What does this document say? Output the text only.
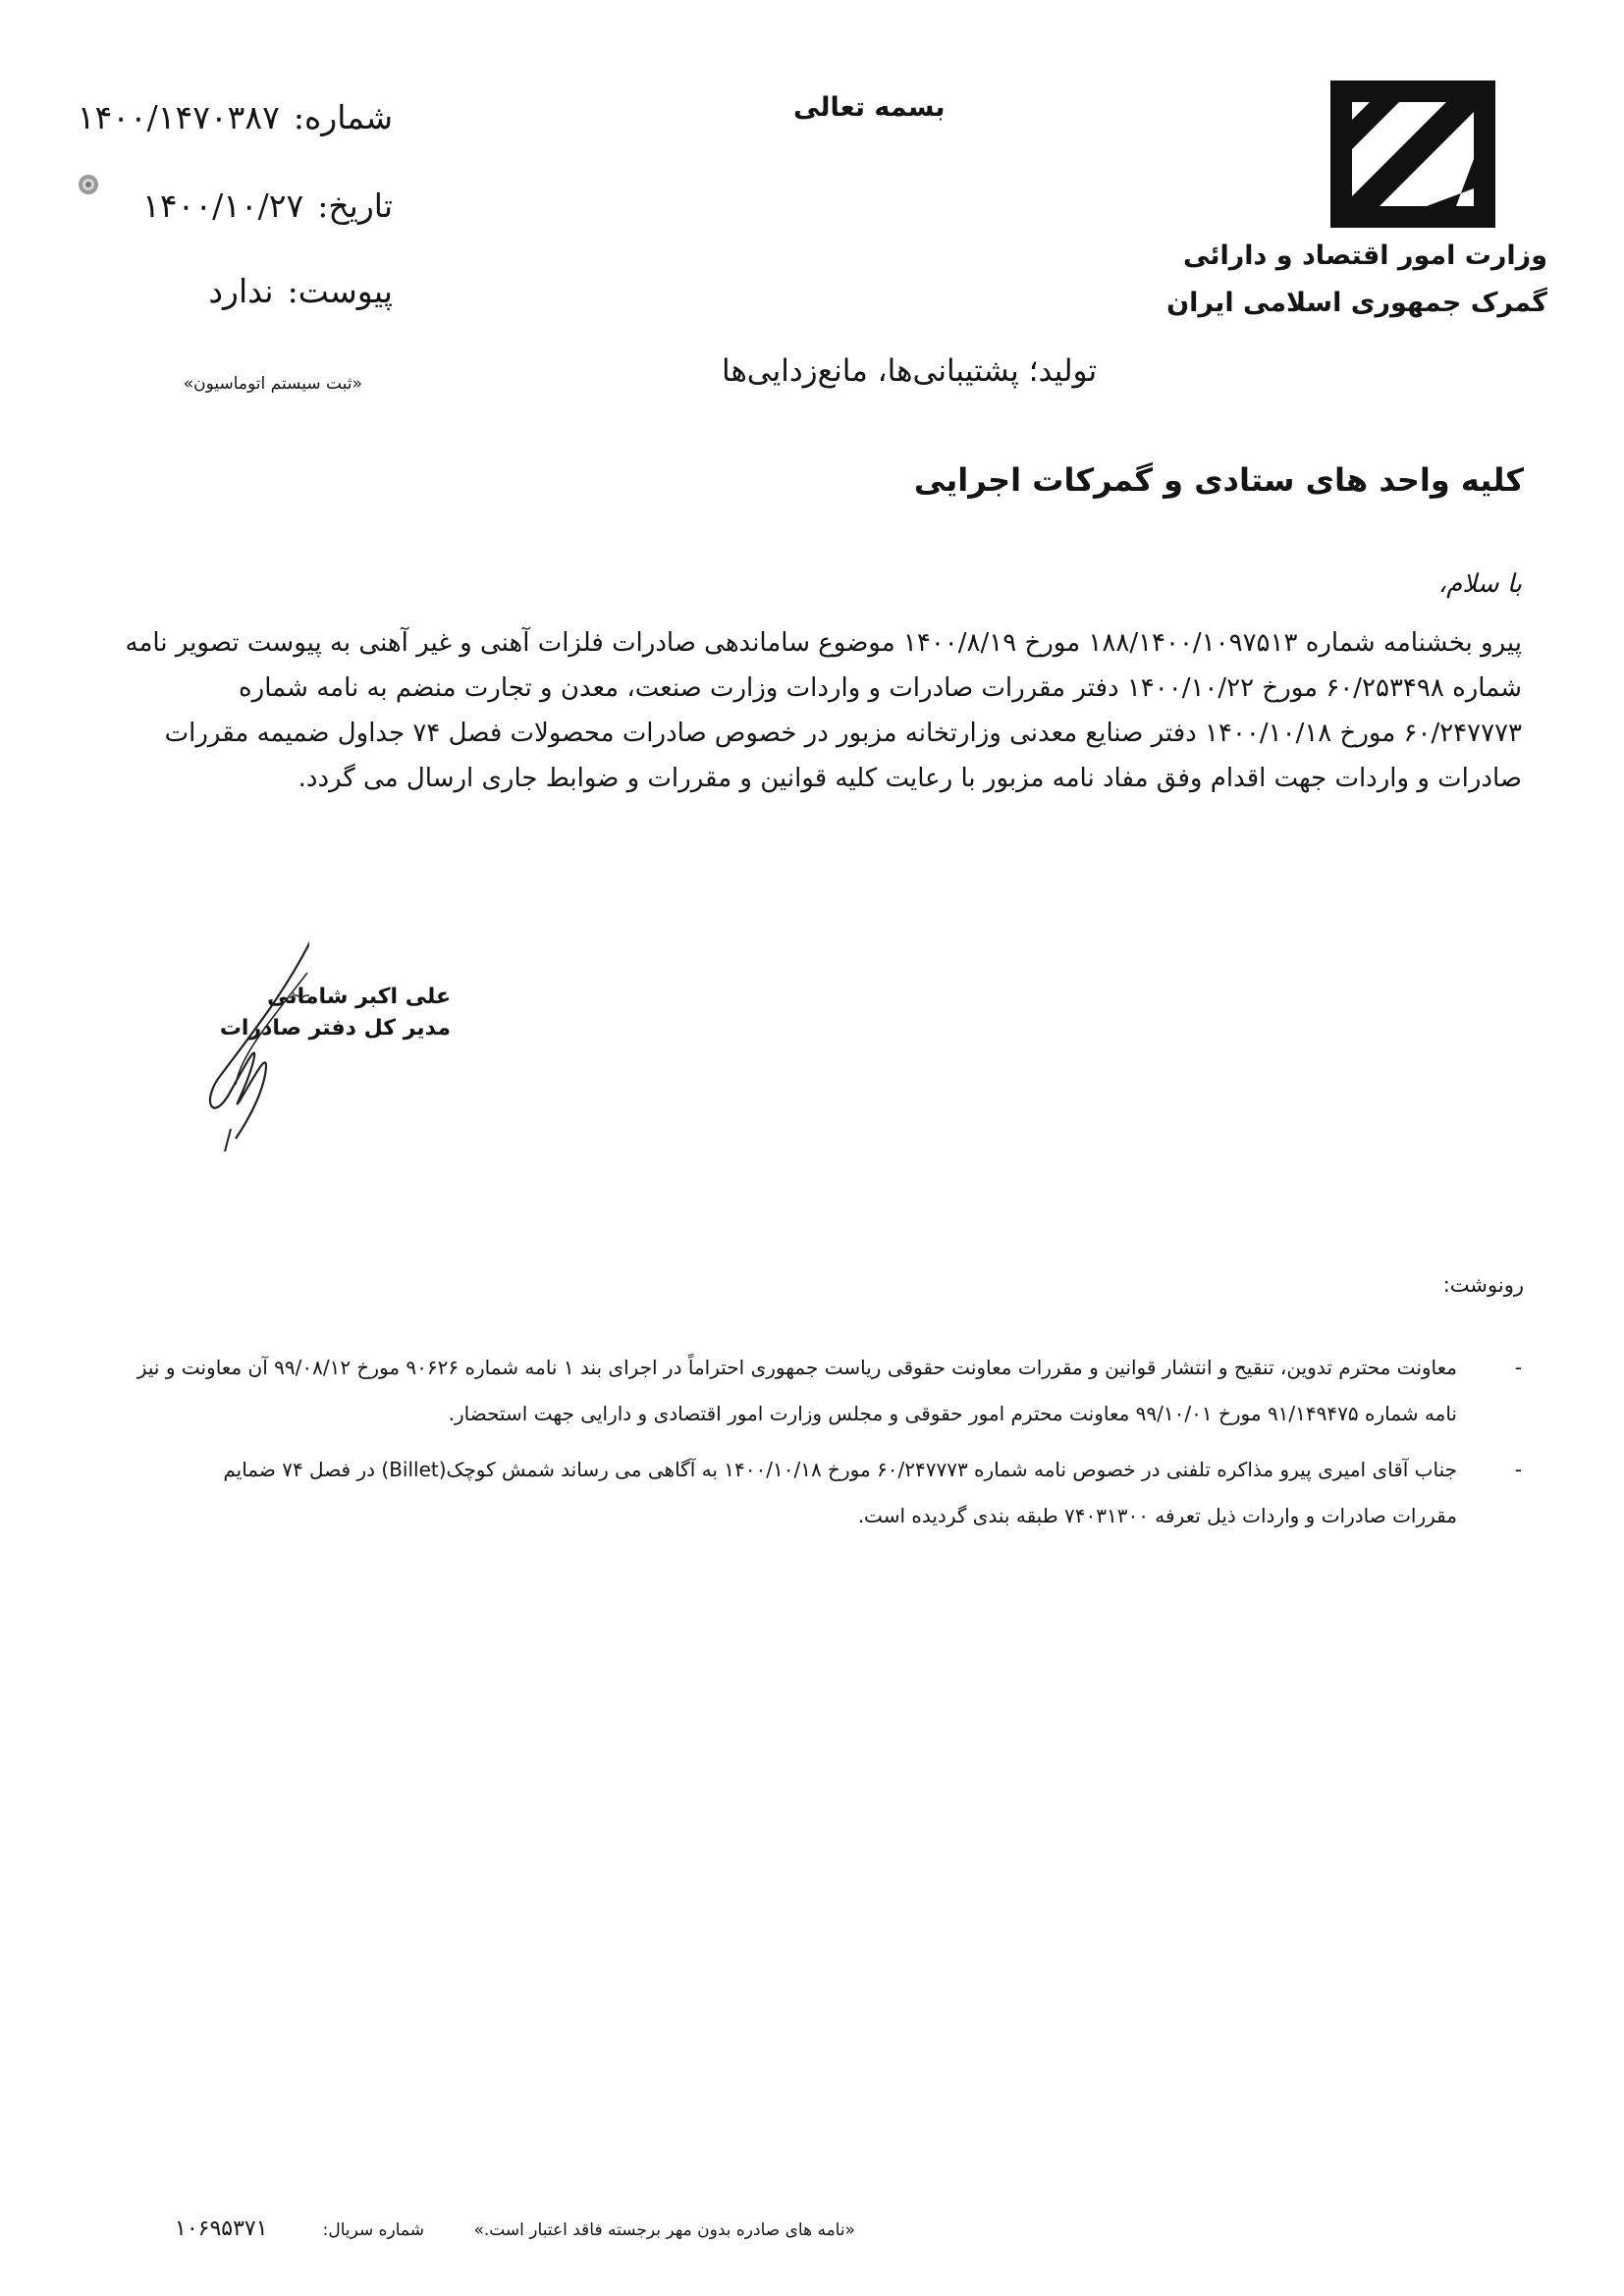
وزارت امور اقتصاد و دارائی
گمرک جمهوری اسلامی ایران
بسمه تعالی
شماره:۱۴۰۰/۱۴۷۰۳۸۷
تاریخ:۱۴۰۰/۱۰/۲۷
پیوست:ندارد
«ثبت سیستم اتوماسیون»	تولید؛ پشتیبانی‌ها، مانع‌زدایی‌ها
کلیه واحد های ستادی و گمرکات اجرایی
با سلام،
پیرو بخشنامه شماره ۱۸۸/۱۴۰۰/۱۰۹۷۵۱۳ مورخ ۱۴۰۰/۸/۱۹ موضوع ساماندهی صادرات فلزات آهنی و غیر آهنی به پیوست تصویر نامه
شماره ۶۰/۲۵۳۴۹۸ مورخ ۱۴۰۰/۱۰/۲۲ دفتر مقررات صادرات و واردات وزارت صنعت، معدن و تجارت منضم به نامه شماره
۶۰/۲۴۷۷۷۳ مورخ ۱۴۰۰/۱۰/۱۸ دفتر صنایع معدنی وزارتخانه مزبور در خصوص صادرات محصولات فصل ۷۴ جداول ضمیمه مقررات
صادرات و واردات جهت اقدام وفق مفاد نامه مزبور با رعایت کلیه قوانین و مقررات و ضوابط جاری ارسال می گردد.
علی اکبر شامانی
مدیر کل دفتر صادرات
رونوشت:
-
معاونت محترم تدوین، تنقیح و انتشار قوانین و مقررات معاونت حقوقی ریاست جمهوری احتراماً در اجرای بند ۱ نامه شماره ۹۰۶۲۶ مورخ ۹۹/۰۸/۱۲ آن معاونت و نیز
نامه شماره ۹۱/۱۴۹۴۷۵ مورخ ۹۹/۱۰/۰۱ معاونت محترم امور حقوقی و مجلس وزارت امور اقتصادی و دارایی جهت استحضار.
-
جناب آقای امیری پیرو مذاکره تلفنی در خصوص نامه شماره ۶۰/۲۴۷۷۷۳ مورخ ۱۴۰۰/۱۰/۱۸ به آگاهی می رساند شمش کوچک(Billet) در فصل ۷۴ ضمایم
مقررات صادرات و واردات ذیل تعرفه ۷۴۰۳۱۳۰۰ طبقه بندی گردیده است.
«نامه های صادره بدون مهر برجسته فاقد اعتبار است.»
شماره سریال:
۱۰۶۹۵۳۷۱
